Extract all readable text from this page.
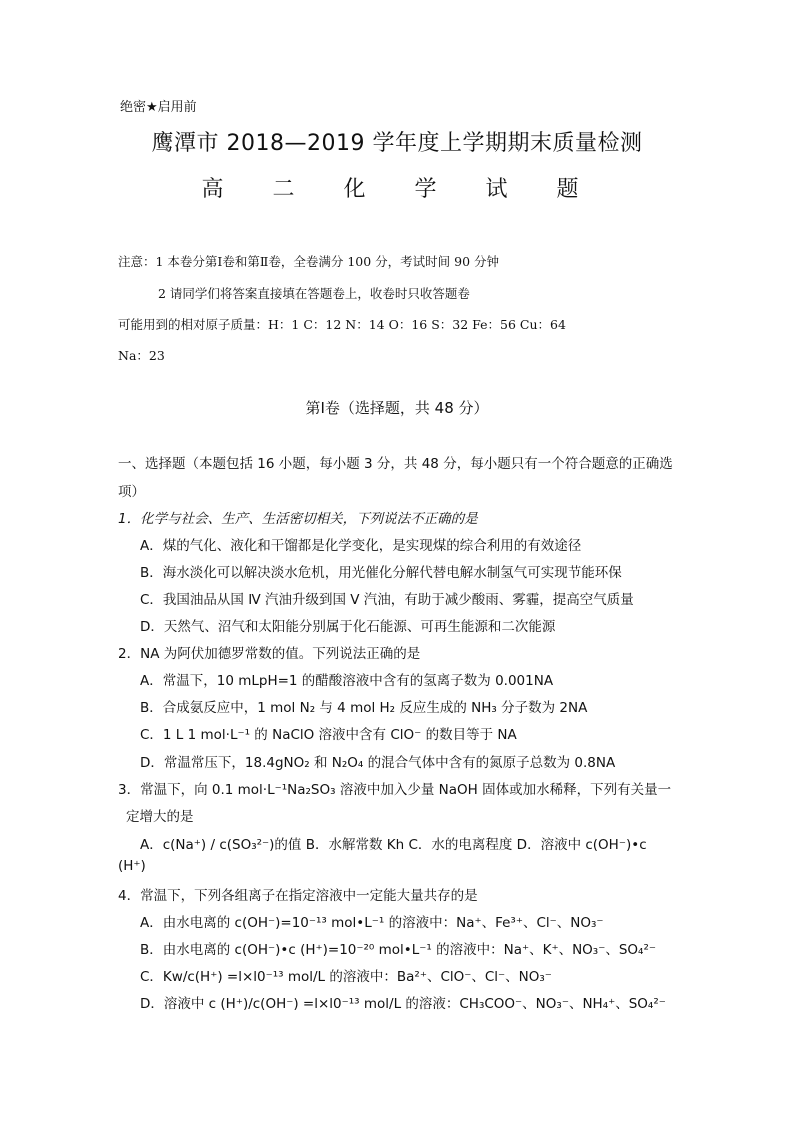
绝密★启用前
鹰潭市 2018—2019 学年度上学期期末质量检测
高 二 化 学 试 题
注意：1 本卷分第Ⅰ卷和第Ⅱ卷，全卷满分 100 分，考试时间 90 分钟
2 请同学们将答案直接填在答题卷上，收卷时只收答题卷
可能用到的相对原子质量：H：1 C：12 N：14 O：16 S：32 Fe：56 Cu：64
Na：23
第Ⅰ卷（选择题，共 48 分）
一、选择题（本题包括 16 小题，每小题 3 分，共 48 分，每小题只有一个符合题意的正确选
项）
1．化学与社会、生产、生活密切相关，下列说法不正确的是
A．煤的气化、液化和干馏都是化学变化，是实现煤的综合利用的有效途径
B．海水淡化可以解决淡水危机，用光催化分解代替电解水制氢气可实现节能环保
C．我国油品从国 Ⅳ 汽油升级到国 Ⅴ 汽油，有助于减少酸雨、雾霾，提高空气质量
D．天然气、沼气和太阳能分别属于化石能源、可再生能源和二次能源
2．NA 为阿伏加德罗常数的值。下列说法正确的是
A．常温下，10 mLpH=1 的醋酸溶液中含有的氢离子数为 0.001NA
B．合成氨反应中，1 mol N₂ 与 4 mol H₂ 反应生成的 NH₃ 分子数为 2NA
C．1 L 1 mol·L⁻¹ 的 NaClO 溶液中含有 ClO⁻ 的数目等于 NA
D．常温常压下，18.4gNO₂ 和 N₂O₄ 的混合气体中含有的氮原子总数为 0.8NA
3．常温下，向 0.1 mol·L⁻¹Na₂SO₃ 溶液中加入少量 NaOH 固体或加水稀释，下列有关量一
定增大的是
A．c(Na⁺) / c(SO₃²⁻)的值 B．水解常数 Kh C．水的电离程度 D．溶液中 c(OH⁻)•c
(H⁺)
4．常温下，下列各组离子在指定溶液中一定能大量共存的是
A．由水电离的 c(OH⁻)=10⁻¹³ mol•L⁻¹ 的溶液中：Na⁺、Fe³⁺、Cl⁻、NO₃⁻
B．由水电离的 c(OH⁻)•c (H⁺)=10⁻²⁰ mol•L⁻¹ 的溶液中：Na⁺、K⁺、NO₃⁻、SO₄²⁻
C．Kw/c(H⁺) =l×l0⁻¹³ mol/L 的溶液中：Ba²⁺、ClO⁻、Cl⁻、NO₃⁻
D．溶液中 c (H⁺)/c(OH⁻) =l×l0⁻¹³ mol/L 的溶液：CH₃COO⁻、NO₃⁻、NH₄⁺、SO₄²⁻
